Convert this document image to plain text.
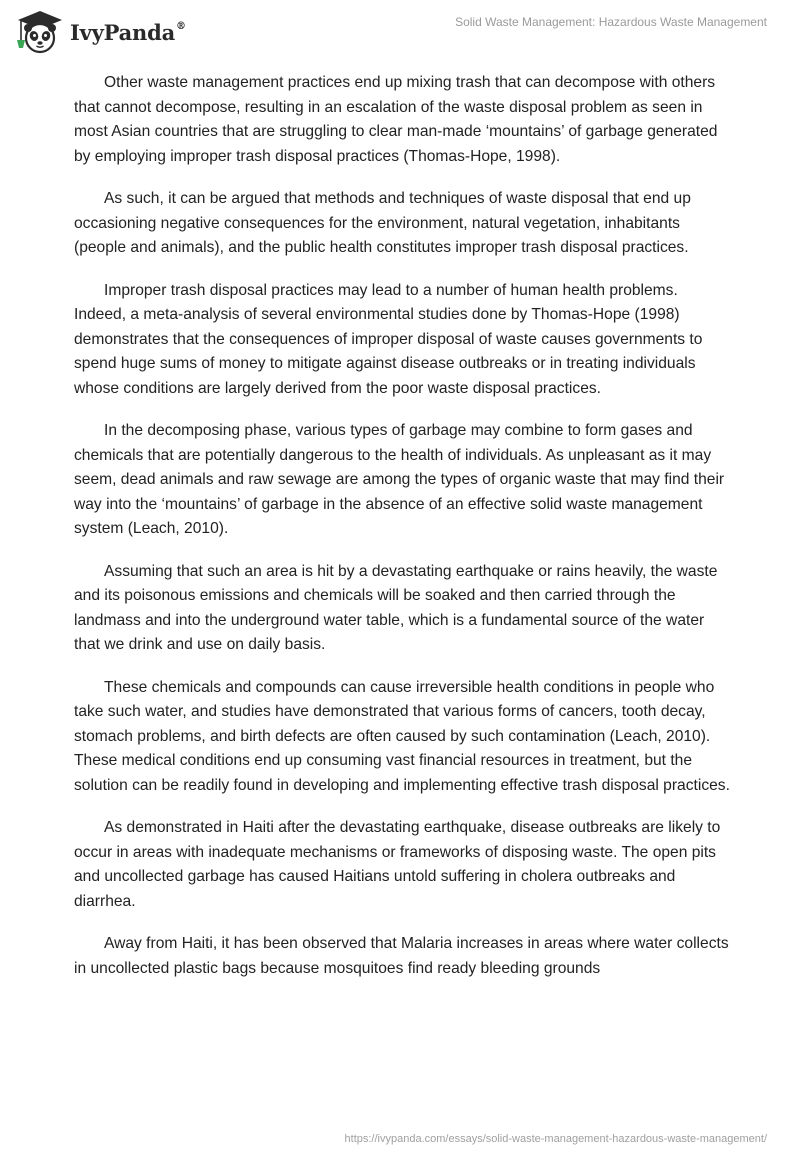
IvyPanda®	Solid Waste Management: Hazardous Waste Management

Other waste management practices end up mixing trash that can decompose with others that cannot decompose, resulting in an escalation of the waste disposal problem as seen in most Asian countries that are struggling to clear man-made ‘mountains’ of garbage generated by employing improper trash disposal practices (Thomas-Hope, 1998).

As such, it can be argued that methods and techniques of waste disposal that end up occasioning negative consequences for the environment, natural vegetation, inhabitants (people and animals), and the public health constitutes improper trash disposal practices.

Improper trash disposal practices may lead to a number of human health problems. Indeed, a meta-analysis of several environmental studies done by Thomas-Hope (1998) demonstrates that the consequences of improper disposal of waste causes governments to spend huge sums of money to mitigate against disease outbreaks or in treating individuals whose conditions are largely derived from the poor waste disposal practices.

In the decomposing phase, various types of garbage may combine to form gases and chemicals that are potentially dangerous to the health of individuals. As unpleasant as it may seem, dead animals and raw sewage are among the types of organic waste that may find their way into the ‘mountains’ of garbage in the absence of an effective solid waste management system (Leach, 2010).

Assuming that such an area is hit by a devastating earthquake or rains heavily, the waste and its poisonous emissions and chemicals will be soaked and then carried through the landmass and into the underground water table, which is a fundamental source of the water that we drink and use on daily basis.

These chemicals and compounds can cause irreversible health conditions in people who take such water, and studies have demonstrated that various forms of cancers, tooth decay, stomach problems, and birth defects are often caused by such contamination (Leach, 2010). These medical conditions end up consuming vast financial resources in treatment, but the solution can be readily found in developing and implementing effective trash disposal practices.

As demonstrated in Haiti after the devastating earthquake, disease outbreaks are likely to occur in areas with inadequate mechanisms or frameworks of disposing waste. The open pits and uncollected garbage has caused Haitians untold suffering in cholera outbreaks and diarrhea.

Away from Haiti, it has been observed that Malaria increases in areas where water collects in uncollected plastic bags because mosquitoes find ready bleeding grounds

https://ivypanda.com/essays/solid-waste-management-hazardous-waste-management/
